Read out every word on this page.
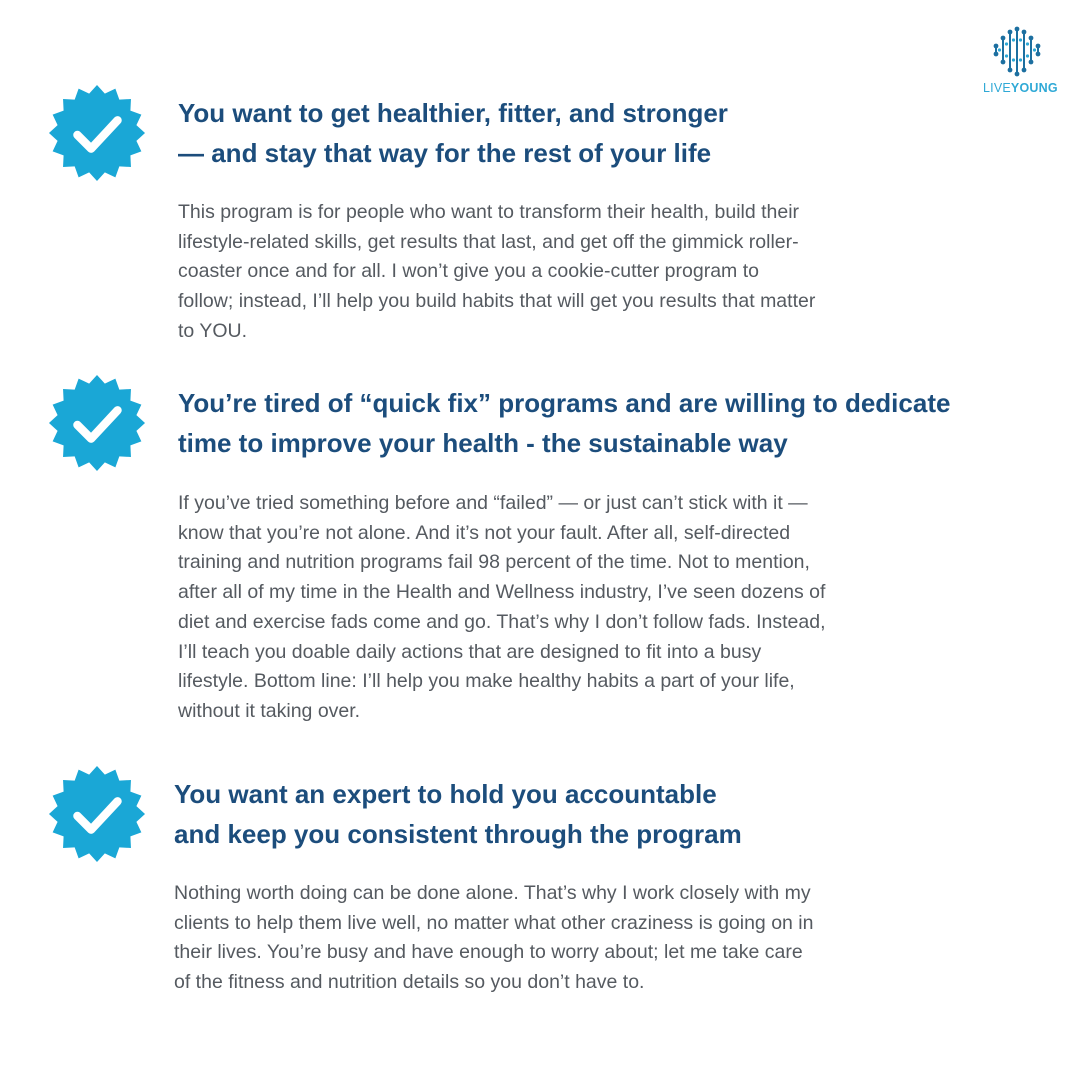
LIVEYOUNG
You want to get healthier, fitter, and stronger
— and stay that way for the rest of your life
This program is for people who want to transform their health, build their
lifestyle-related skills, get results that last, and get off the gimmick roller-
coaster once and for all. I won’t give you a cookie-cutter program to
follow; instead, I’ll help you build habits that will get you results that matter
to YOU.
You’re tired of “quick fix” programs and are willing to dedicate
time to improve your health - the sustainable way
If you’ve tried something before and “failed” — or just can’t stick with it —
know that you’re not alone. And it’s not your fault. After all, self-directed
training and nutrition programs fail 98 percent of the time. Not to mention,
after all of my time in the Health and Wellness industry, I’ve seen dozens of
diet and exercise fads come and go. That’s why I don’t follow fads. Instead,
I’ll teach you doable daily actions that are designed to fit into a busy
lifestyle. Bottom line: I’ll help you make healthy habits a part of your life,
without it taking over.
You want an expert to hold you accountable
and keep you consistent through the program
Nothing worth doing can be done alone. That’s why I work closely with my
clients to help them live well, no matter what other craziness is going on in
their lives. You’re busy and have enough to worry about; let me take care
of the fitness and nutrition details so you don’t have to.
